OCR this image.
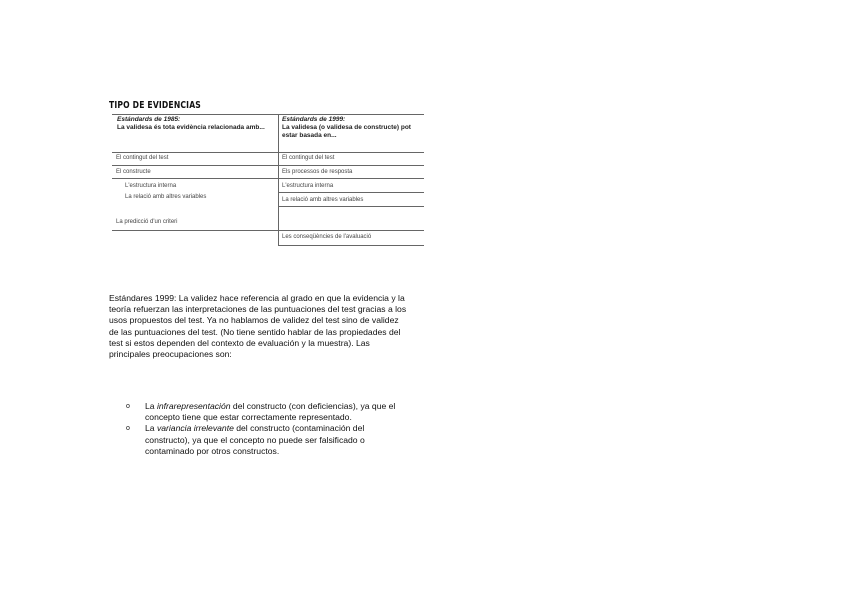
TIPO DE EVIDENCIAS
Estándards de 1985:
La validesa és tota evidència relacionada amb...
Estándards de 1999:
La validesa (o validesa de constructe) pot estar basada en...
El contingut del test
El constructe
L'estructura interna
La relació amb altres variables
La predicció d'un criteri
El contingut del test
Els processos de resposta
L'estructura interna
La relació amb altres variables
Les conseqüències de l'avaluació

Estándares 1999: La validez hace referencia al grado en que la evidencia y la teoría refuerzan las interpretaciones de las puntuaciones del test gracias a los usos propuestos del test. Ya no hablamos de validez del test sino de validez de las puntuaciones del test. (No tiene sentido hablar de las propiedades del test si estos dependen del contexto de evaluación y la muestra). Las principales preocupaciones son:

o La infrarepresentación del constructo (con deficiencias), ya que el concepto tiene que estar correctamente representado.
o La variancia irrelevante del constructo (contaminación del constructo), ya que el concepto no puede ser falsificado o contaminado por otros constructos.
